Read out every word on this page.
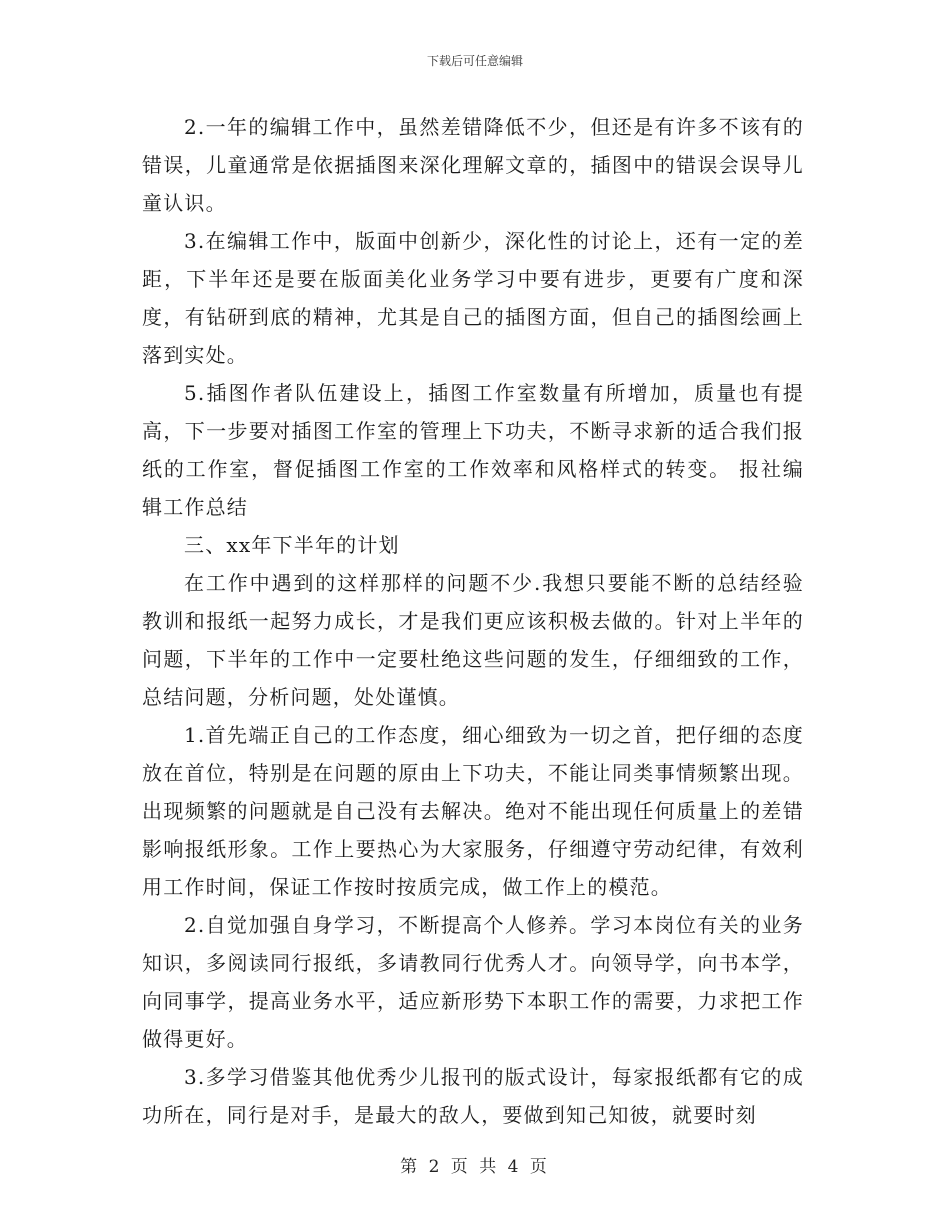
下载后可任意编辑

2.一年的编辑工作中，虽然差错降低不少，但还是有许多不该有的错误，儿童通常是依据插图来深化理解文章的，插图中的错误会误导儿童认识。

3.在编辑工作中，版面中创新少，深化性的讨论上，还有一定的差距，下半年还是要在版面美化业务学习中要有进步，更要有广度和深度，有钻研到底的精神，尤其是自己的插图方面，但自己的插图绘画上落到实处。

5.插图作者队伍建设上，插图工作室数量有所增加，质量也有提高，下一步要对插图工作室的管理上下功夫，不断寻求新的适合我们报纸的工作室，督促插图工作室的工作效率和风格样式的转变。 报社编辑工作总结

三、xx年下半年的计划

在工作中遇到的这样那样的问题不少.我想只要能不断的总结经验教训和报纸一起努力成长，才是我们更应该积极去做的。针对上半年的问题，下半年的工作中一定要杜绝这些问题的发生，仔细细致的工作，总结问题，分析问题，处处谨慎。

1.首先端正自己的工作态度，细心细致为一切之首，把仔细的态度放在首位，特别是在问题的原由上下功夫，不能让同类事情频繁出现。出现频繁的问题就是自己没有去解决。绝对不能出现任何质量上的差错影响报纸形象。工作上要热心为大家服务，仔细遵守劳动纪律，有效利用工作时间，保证工作按时按质完成，做工作上的模范。

2.自觉加强自身学习，不断提高个人修养。学习本岗位有关的业务知识，多阅读同行报纸，多请教同行优秀人才。向领导学，向书本学，向同事学，提高业务水平，适应新形势下本职工作的需要，力求把工作做得更好。

3.多学习借鉴其他优秀少儿报刊的版式设计，每家报纸都有它的成功所在，同行是对手，是最大的敌人，要做到知己知彼，就要时刻

第 2 页 共 4 页
